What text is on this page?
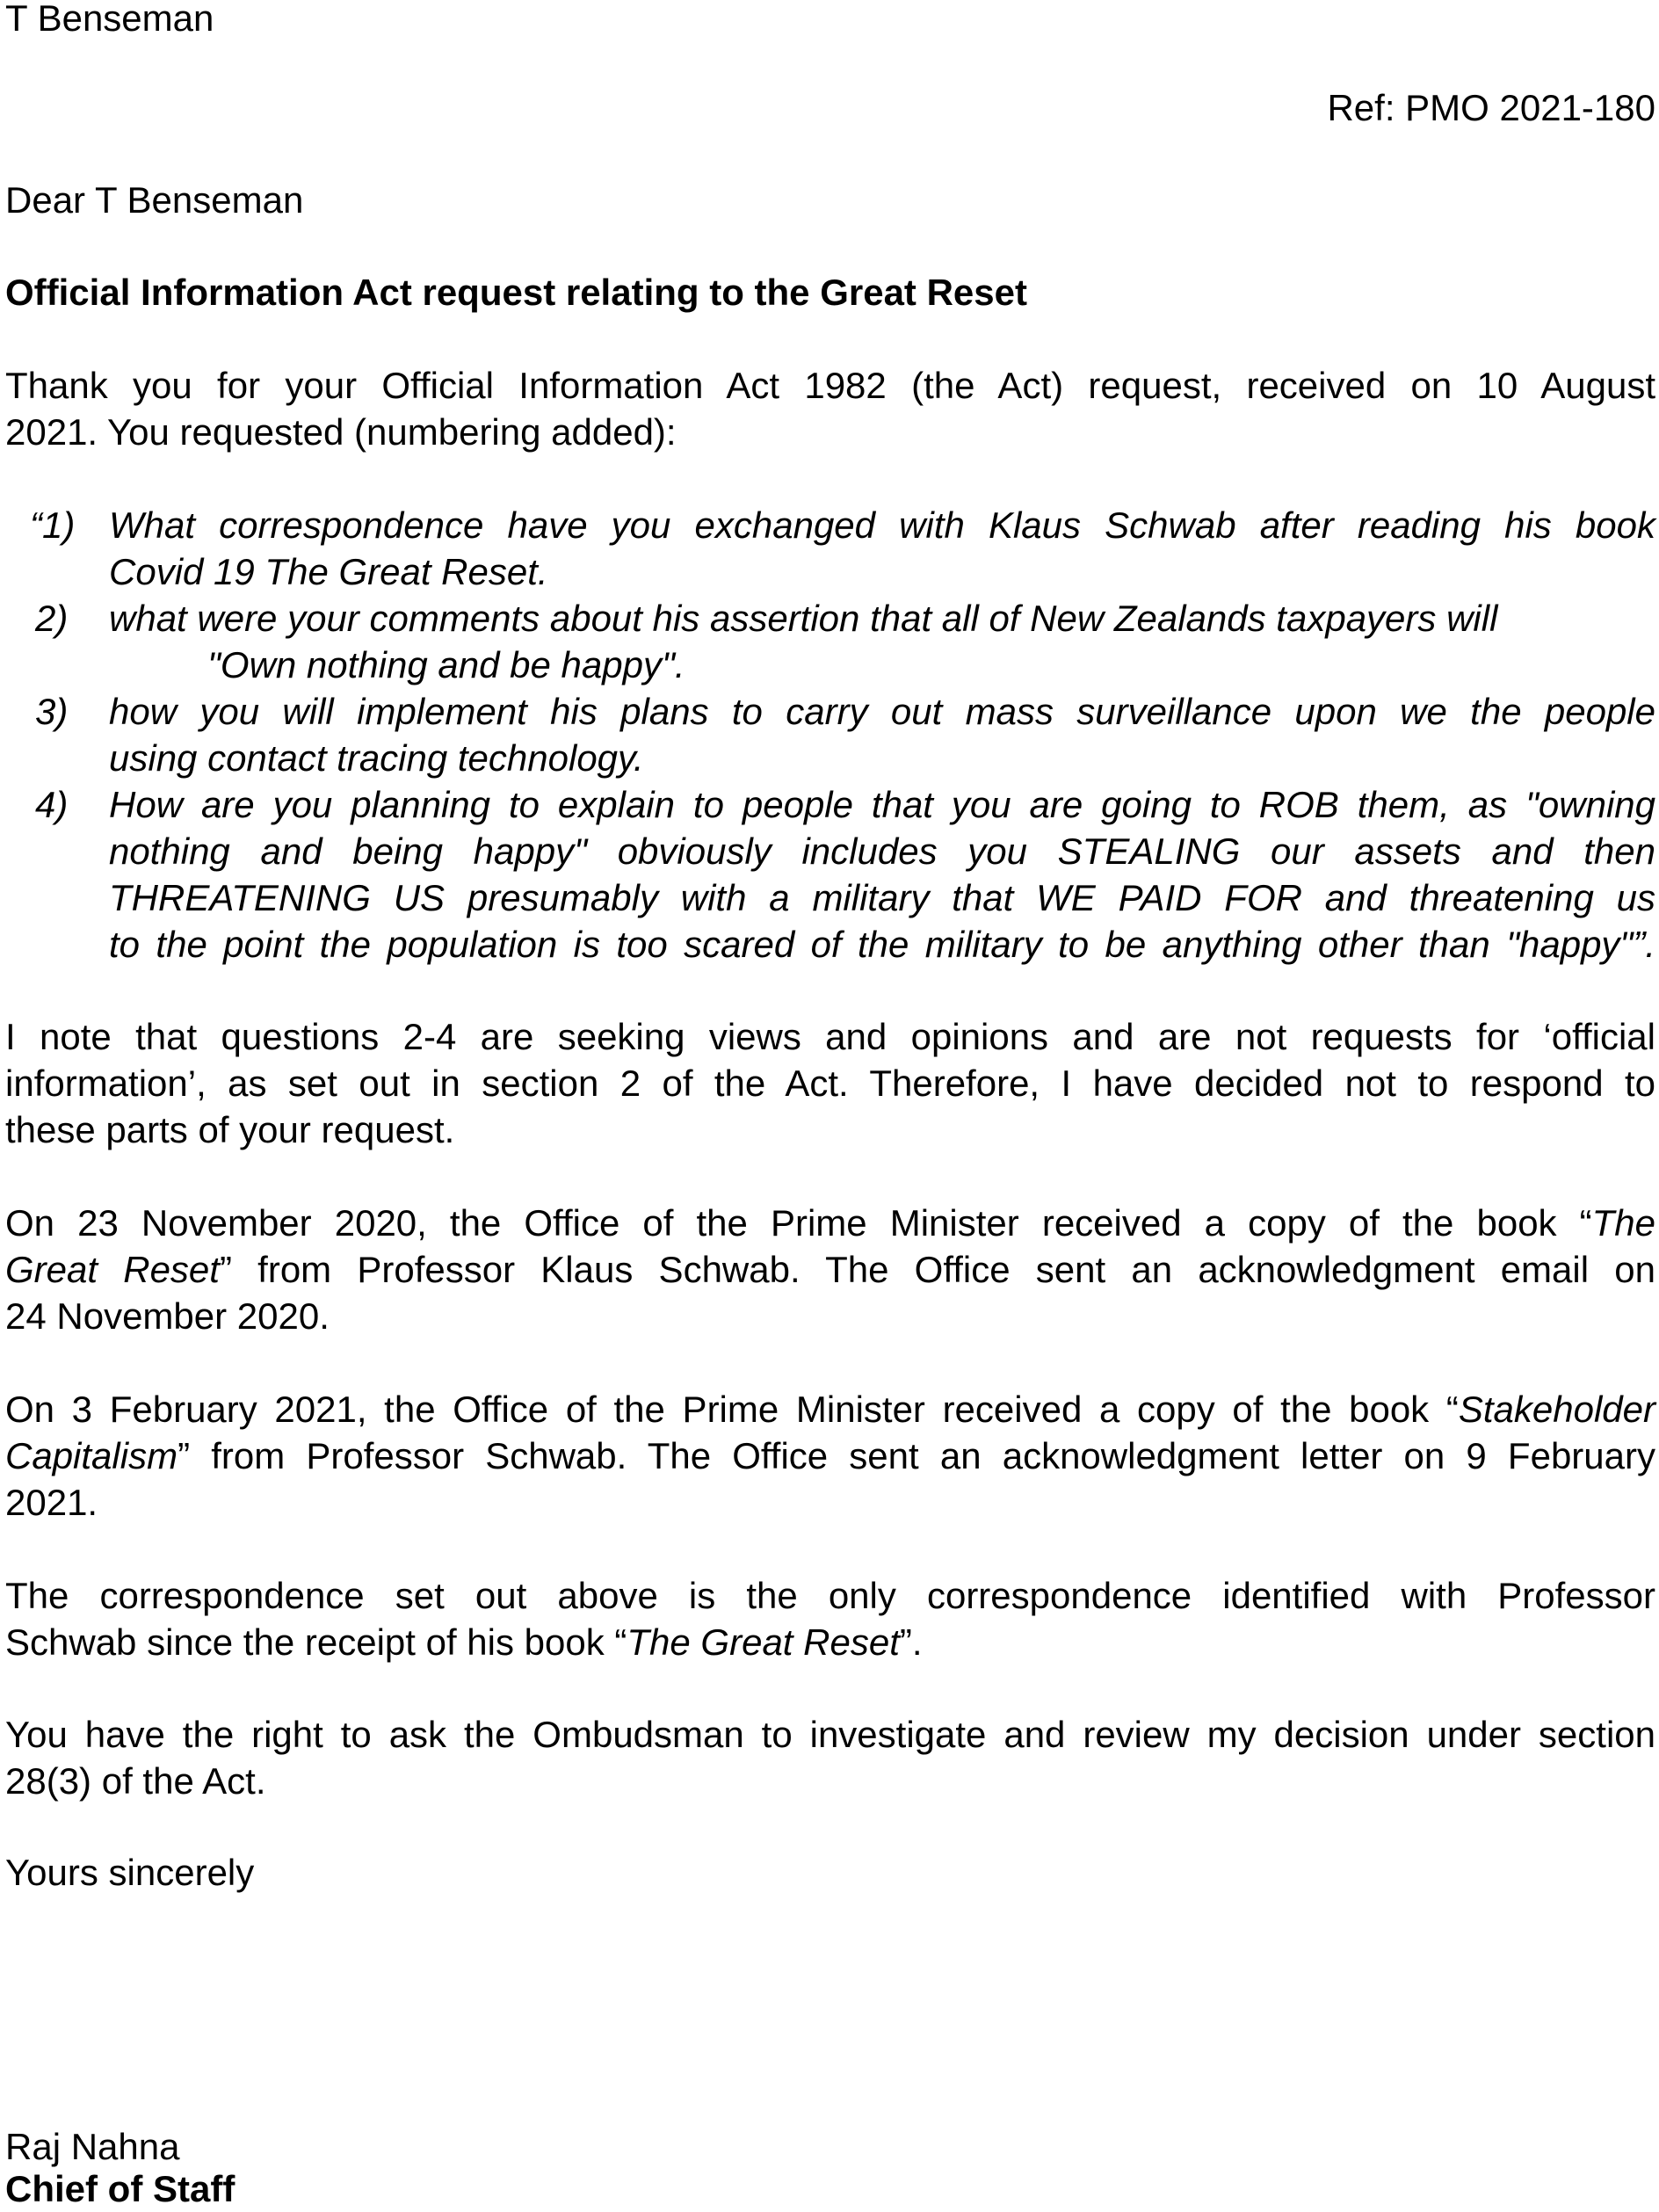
T Benseman
Ref: PMO 2021-180
Dear T Benseman
Official Information Act request relating to the Great Reset
Thank you for your Official Information Act 1982 (the Act) request, received on 10 August
2021. You requested (numbering added):
“1) What correspondence have you exchanged with Klaus Schwab after reading his book
Covid 19 The Great Reset.
2) what were your comments about his assertion that all of New Zealands taxpayers will
"Own nothing and be happy".
3) how you will implement his plans to carry out mass surveillance upon we the people
using contact tracing technology.
4) How are you planning to explain to people that you are going to ROB them, as "owning
nothing and being happy" obviously includes you STEALING our assets and then
THREATENING US presumably with a military that WE PAID FOR and threatening us
to the point the population is too scared of the military to be anything other than "happy"”.
I note that questions 2-4 are seeking views and opinions and are not requests for ‘official
information’, as set out in section 2 of the Act. Therefore, I have decided not to respond to
these parts of your request.
On 23 November 2020, the Office of the Prime Minister received a copy of the book “The
Great Reset” from Professor Klaus Schwab. The Office sent an acknowledgment email on
24 November 2020.
On 3 February 2021, the Office of the Prime Minister received a copy of the book “Stakeholder
Capitalism” from Professor Schwab. The Office sent an acknowledgment letter on 9 February
2021.
The correspondence set out above is the only correspondence identified with Professor
Schwab since the receipt of his book “The Great Reset”.
You have the right to ask the Ombudsman to investigate and review my decision under section
28(3) of the Act.
Yours sincerely
Raj Nahna
Chief of Staff
